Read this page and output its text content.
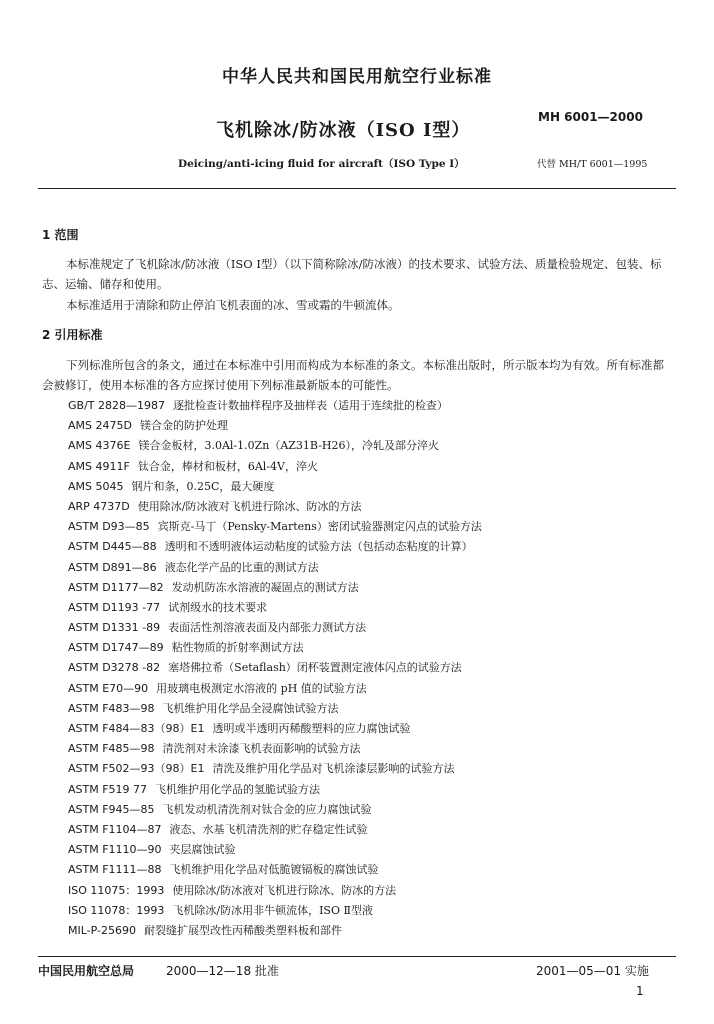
中华人民共和国民用航空行业标准
MH 6001—2000
飞机除冰/防冰液（ISO Ⅰ型）
Deicing/anti-icing fluid for aircraft（ISO Type Ⅰ）	代替 MH/T 6001—1995
1 范围
本标准规定了飞机除冰/防冰液（ISO Ⅰ型）（以下简称除冰/防冰液）的技术要求、试验方法、质量检验规定、包装、标志、运输、储存和使用。
本标准适用于清除和防止停泊飞机表面的冰、雪或霜的牛顿流体。
2 引用标准
下列标准所包含的条文，通过在本标准中引用而构成为本标准的条文。本标准出版时，所示版本均为有效。所有标准都会被修订，使用本标准的各方应探讨使用下列标准最新版本的可能性。
GB/T 2828—1987 逐批检查计数抽样程序及抽样表（适用于连续批的检查）
AMS 2475D 镁合金的防护处理
AMS 4376E 镁合金板材，3.0Al-1.0Zn（AZ31B-H26），冷轧及部分淬火
AMS 4911F 钛合金，棒材和板材，6Al-4V，淬火
AMS 5045 钢片和条，0.25C，最大硬度
ARP 4737D 使用除冰/防冰液对飞机进行除冰、防冰的方法
ASTM D93—85 宾斯克-马丁（Pensky-Martens）密闭试验器测定闪点的试验方法
ASTM D445—88 透明和不透明液体运动粘度的试验方法（包括动态粘度的计算）
ASTM D891—86 液态化学产品的比重的测试方法
ASTM D1177—82 发动机防冻水溶液的凝固点的测试方法
ASTM D1193 -77 试剂级水的技术要求
ASTM D1331 -89 表面活性剂溶液表面及内部张力测试方法
ASTM D1747—89 粘性物质的折射率测试方法
ASTM D3278 -82 塞塔佛拉希（Setaflash）闭杯装置测定液体闪点的试验方法
ASTM E70—90 用玻璃电极测定水溶液的 pH 值的试验方法
ASTM F483—98 飞机维护用化学品全浸腐蚀试验方法
ASTM F484—83（98）E1 透明或半透明丙稀酸塑料的应力腐蚀试验
ASTM F485—98 清洗剂对未涂漆飞机表面影响的试验方法
ASTM F502—93（98）E1 清洗及维护用化学品对飞机涂漆层影响的试验方法
ASTM F519 77 飞机维护用化学品的氢脆试验方法
ASTM F945—85 飞机发动机清洗剂对钛合金的应力腐蚀试验
ASTM F1104—87 液态、水基飞机清洗剂的贮存稳定性试验
ASTM F1110—90 夹层腐蚀试验
ASTM F1111—88 飞机维护用化学品对低脆镀镉板的腐蚀试验
ISO 11075：1993 使用除冰/防冰液对飞机进行除冰、防冰的方法
ISO 11078：1993 飞机除冰/防冰用非牛顿流体，ISO Ⅱ型液
MIL-P-25690 耐裂缝扩展型改性丙稀酸类塑料板和部件
中国民用航空总局	2000—12—18 批准	2001—05—01 实施
1
